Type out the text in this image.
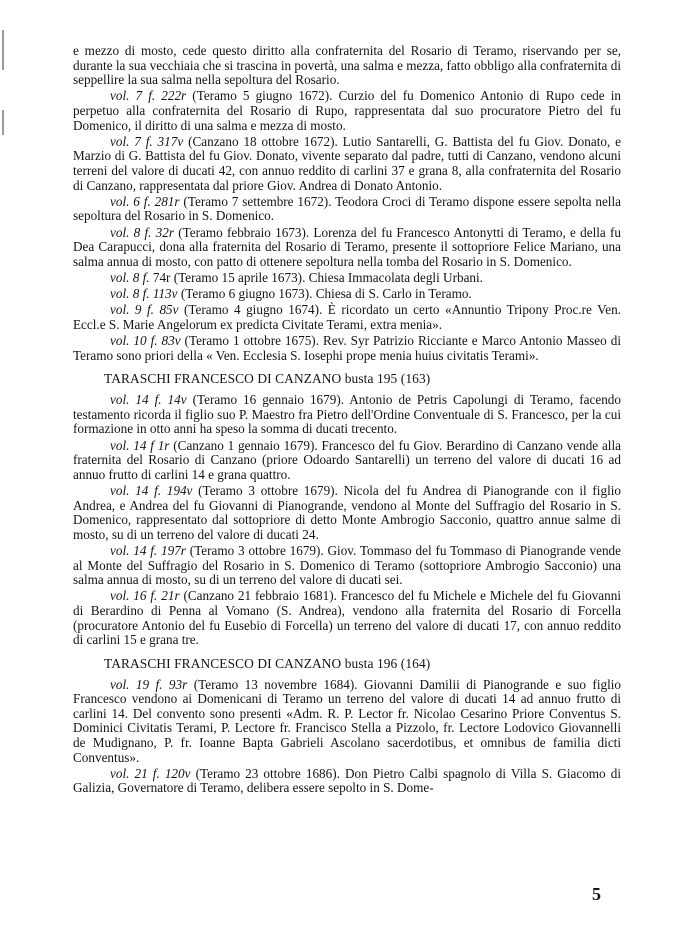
e mezzo di mosto, cede questo diritto alla confraternita del Rosario di Teramo, riservando per se, durante la sua vecchiaia che si trascina in povertà, una salma e mezza, fatto obbligo alla confraternita di seppellire la sua salma nella sepoltura del Rosario.

vol. 7 f. 222r (Teramo 5 giugno 1672). Curzio del fu Domenico Antonio di Rupo cede in perpetuo alla confraternita del Rosario di Rupo, rappresentata dal suo procuratore Pietro del fu Domenico, il diritto di una salma e mezza di mosto.

vol. 7 f. 317v (Canzano 18 ottobre 1672). Lutio Santarelli, G. Battista del fu Giov. Donato, e Marzio di G. Battista del fu Giov. Donato, vivente separato dal padre, tutti di Canzano, vendono alcuni terreni del valore di ducati 42, con annuo reddito di carlini 37 e grana 8, alla confraternita del Rosario di Canzano, rappresentata dal priore Giov. Andrea di Donato Antonio.

vol. 6 f. 281r (Teramo 7 settembre 1672). Teodora Croci di Teramo dispone essere sepolta nella sepoltura del Rosario in S. Domenico.

vol. 8 f. 32r (Teramo febbraio 1673). Lorenza del fu Francesco Antonytti di Teramo, e della fu Dea Carapucci, dona alla fraternita del Rosario di Teramo, presente il sottopriore Felice Mariano, una salma annua di mosto, con patto di ottenere sepoltura nella tomba del Rosario in S. Domenico.

vol. 8 f. 74r (Teramo 15 aprile 1673). Chiesa Immacolata degli Urbani.

vol. 8 f. 113v (Teramo 6 giugno 1673). Chiesa di S. Carlo in Teramo.

vol. 9 f. 85v (Teramo 4 giugno 1674). È ricordato un certo «Annuntio Tripony Proc.re Ven. Eccl.e S. Marie Angelorum ex predicta Civitate Terami, extra menia».

vol. 10 f. 83v (Teramo 1 ottobre 1675). Rev. Syr Patrizio Ricciante e Marco Antonio Masseo di Teramo sono priori della « Ven. Ecclesia S. Iosephi prope menia huius civitatis Terami».

TARASCHI FRANCESCO DI CANZANO busta 195 (163)

vol. 14 f. 14v (Teramo 16 gennaio 1679). Antonio de Petris Capolungi di Teramo, facendo testamento ricorda il figlio suo P. Maestro fra Pietro dell'Ordine Conventuale di S. Francesco, per la cui formazione in otto anni ha speso la somma di ducati trecento.

vol. 14 f 1r (Canzano 1 gennaio 1679). Francesco del fu Giov. Berardino di Canzano vende alla fraternita del Rosario di Canzano (priore Odoardo Santarelli) un terreno del valore di ducati 16 ad annuo frutto di carlini 14 e grana quattro.

vol. 14 f. 194v (Teramo 3 ottobre 1679). Nicola del fu Andrea di Pianogrande con il figlio Andrea, e Andrea del fu Giovanni di Pianogrande, vendono al Monte del Suffragio del Rosario in S. Domenico, rappresentato dal sottopriore di detto Monte Ambrogio Sacconio, quattro annue salme di mosto, su di un terreno del valore di ducati 24.

vol. 14 f. 197r (Teramo 3 ottobre 1679). Giov. Tommaso del fu Tommaso di Pianogrande vende al Monte del Suffragio del Rosario in S. Domenico di Teramo (sottopriore Ambrogio Sacconio) una salma annua di mosto, su di un terreno del valore di ducati sei.

vol. 16 f. 21r (Canzano 21 febbraio 1681). Francesco del fu Michele e Michele del fu Giovanni di Berardino di Penna al Vomano (S. Andrea), vendono alla fraternita del Rosario di Forcella (procuratore Antonio del fu Eusebio di Forcella) un terreno del valore di ducati 17, con annuo reddito di carlini 15 e grana tre.

TARASCHI FRANCESCO DI CANZANO busta 196 (164)

vol. 19 f. 93r (Teramo 13 novembre 1684). Giovanni Damilii di Pianogrande e suo figlio Francesco vendono ai Domenicani di Teramo un terreno del valore di ducati 14 ad annuo frutto di carlini 14. Del convento sono presenti «Adm. R. P. Lector fr. Nicolao Cesarino Priore Conventus S. Dominici Civitatis Terami, P. Lectore fr. Francisco Stella a Pizzolo, fr. Lectore Lodovico Giovannelli de Mudignano, P. fr. Ioanne Bapta Gabrieli Ascolano sacerdotibus, et omnibus de familia dicti Conventus».

vol. 21 f. 120v (Teramo 23 ottobre 1686). Don Pietro Calbi spagnolo di Villa S. Giacomo di Galizia, Governatore di Teramo, delibera essere sepolto in S. Dome-

5
